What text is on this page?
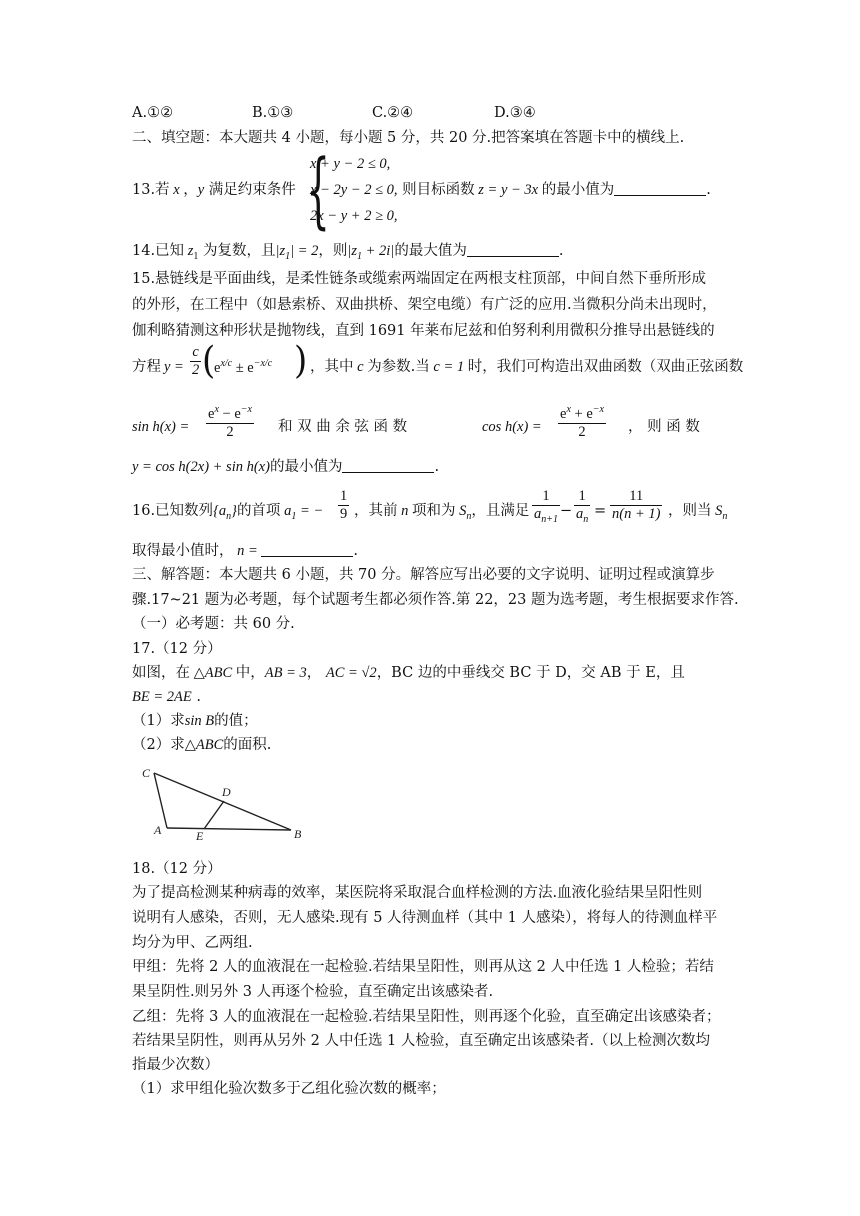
A.①②	B.①③	C.②④	D.③④
二、填空题：本大题共 4 小题，每小题 5 分，共 20 分.把答案填在答题卡中的横线上.
13.若 x ，y 满足约束条件 {
x + y − 2 ≤ 0,
x − 2y − 2 ≤ 0, 则目标函数 z = y − 3x 的最小值为	.
2x − y + 2 ≥ 0,
14.已知 $z_1$ 为复数，且$|z_1| = 2$，则$|z_1 + 2i|$的最大值为	.
15.悬链线是平面曲线，是柔性链条或缆索两端固定在两根支柱顶部，中间自然下垂所形成
的外形，在工程中（如悬索桥、双曲拱桥、架空电缆）有广泛的应用.当微积分尚未出现时，
伽利略猜测这种形状是抛物线，直到 1691 年莱布尼兹和伯努利利用微积分推导出悬链线的
方程 $y = \frac{c}{2}$ (
$e^{x/c} \pm e^{-x/c}$ ) ，其中 c 为参数.当 c = 1 时，我们可构造出双曲函数（双曲正弦函数
$\sin h(x) = \frac{e^x - e^{-x}}{2}$ 和 双 曲 余 弦 函 数	$\cos h(x) = \frac{e^x + e^{-x}}{2}$ ， 则 函 数
y = cos h(2x) + sin h(x)的最小值为	.
16.已知数列$\{a_n\}$的首项 $a_1$ = − $\frac{1}{9}$ ，其前 n 项和为 $S_n$，且满足 $\frac{1}{a_{n+1}} - \frac{1}{a_n} = \frac{11}{n(n + 1)}$ ，则当 $S_n$
取得最小值时， n =	.
三、解答题：本大题共 6 小题，共 70 分。解答应写出必要的文字说明、证明过程或演算步
骤.17~21 题为必考题，每个试题考生都必须作答.第 22，23 题为选考题，考生根据要求作答.
（一）必考题：共 60 分.
17.（12 分）
如图，在 △ABC 中，AB = 3， AC = √2，BC 边的中垂线交 BC 于 D，交 AB 于 E，且
BE = 2AE .
（1）求sin B的值；
（2）求△ABC的面积.
C
D
A	E	B
18.（12 分）
为了提高检测某种病毒的效率，某医院将采取混合血样检测的方法.血液化验结果呈阳性则
说明有人感染，否则，无人感染.现有 5 人待测血样（其中 1 人感染），将每人的待测血样平
均分为甲、乙两组.
甲组：先将 2 人的血液混在一起检验.若结果呈阳性，则再从这 2 人中任选 1 人检验；若结
果呈阴性.则另外 3 人再逐个检验，直至确定出该感染者.
乙组：先将 3 人的血液混在一起检验.若结果呈阳性，则再逐个化验，直至确定出该感染者；
若结果呈阴性，则再从另外 2 人中任选 1 人检验，直至确定出该感染者.（以上检测次数均
指最少次数）
（1）求甲组化验次数多于乙组化验次数的概率；
